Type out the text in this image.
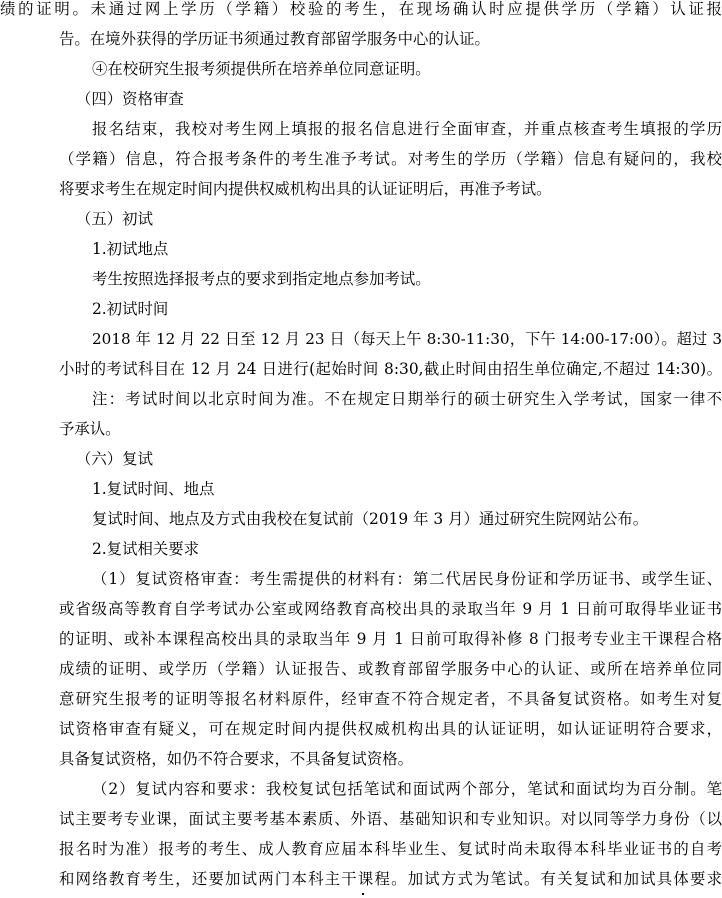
绩的证明。未通过网上学历（学籍）校验的考生，在现场确认时应提供学历（学籍）认证报
告。在境外获得的学历证书须通过教育部留学服务中心的认证。
④在校研究生报考须提供所在培养单位同意证明。
（四）资格审查
报名结束，我校对考生网上填报的报名信息进行全面审查，并重点核查考生填报的学历
（学籍）信息，符合报考条件的考生准予考试。对考生的学历（学籍）信息有疑问的，我校
将要求考生在规定时间内提供权威机构出具的认证证明后，再准予考试。
（五）初试
1.初试地点
考生按照选择报考点的要求到指定地点参加考试。
2.初试时间
2018 年 12 月 22 日至 12 月 23 日（每天上午 8:30-11:30，下午 14:00-17:00）。超过 3
小时的考试科目在 12 月 24 日进行(起始时间 8:30,截止时间由招生单位确定,不超过 14:30)。
注：考试时间以北京时间为准。不在规定日期举行的硕士研究生入学考试，国家一律不
予承认。
（六）复试
1.复试时间、地点
复试时间、地点及方式由我校在复试前（2019 年 3 月）通过研究生院网站公布。
2.复试相关要求
（1）复试资格审查：考生需提供的材料有：第二代居民身份证和学历证书、或学生证、
或省级高等教育自学考试办公室或网络教育高校出具的录取当年 9 月 1 日前可取得毕业证书
的证明、或补本课程高校出具的录取当年 9 月 1 日前可取得补修 8 门报考专业主干课程合格
成绩的证明、或学历（学籍）认证报告、或教育部留学服务中心的认证、或所在培养单位同
意研究生报考的证明等报名材料原件，经审查不符合规定者，不具备复试资格。如考生对复
试资格审查有疑义，可在规定时间内提供权威机构出具的认证证明，如认证证明符合要求，
具备复试资格，如仍不符合要求，不具备复试资格。
（2）复试内容和要求：我校复试包括笔试和面试两个部分，笔试和面试均为百分制。笔
试主要考专业课，面试主要考基本素质、外语、基础知识和专业知识。对以同等学力身份（以
报名时为准）报考的考生、成人教育应届本科毕业生、复试时尚未取得本科毕业证书的自考
和网络教育考生，还要加试两门本科主干课程。加试方式为笔试。有关复试和加试具体要求
